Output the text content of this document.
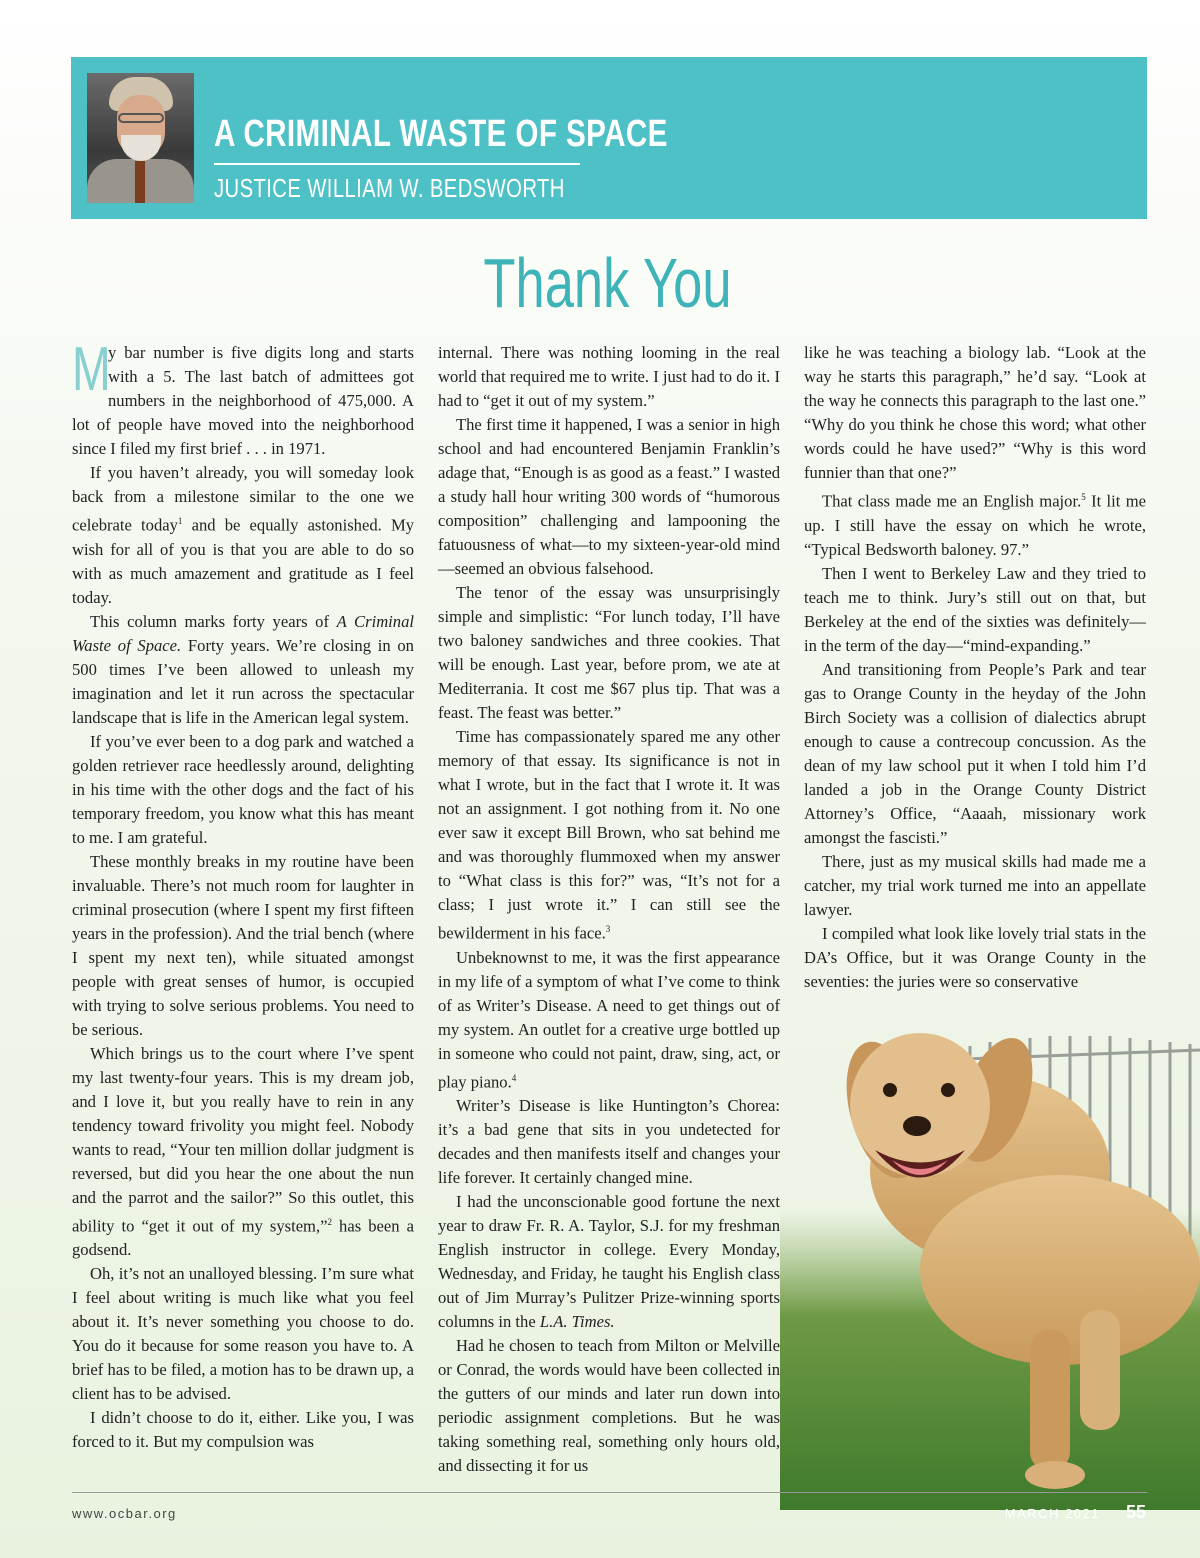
A CRIMINAL WASTE OF SPACE
JUSTICE WILLIAM W. BEDSWORTH
Thank You

M
y bar number is five digits long and starts with a 5. The last batch of admittees got numbers in the neighborhood of 475,000. A lot of people have moved into the neighborhood since I filed my first brief . . . in 1971.

If you haven’t already, you will someday look back from a milestone similar to the one we celebrate today$^1$ and be equally astonished. My wish for all of you is that you are able to do so with as much amazement and gratitude as I feel today.

This column marks forty years of A Criminal Waste of Space. Forty years. We’re closing in on 500 times I’ve been allowed to unleash my imagination and let it run across the spectacular landscape that is life in the American legal system.

If you’ve ever been to a dog park and watched a golden retriever race heedlessly around, delighting in his time with the other dogs and the fact of his temporary freedom, you know what this has meant to me. I am grateful.

These monthly breaks in my routine have been invaluable. There’s not much room for laughter in criminal prosecution (where I spent my first fifteen years in the profession). And the trial bench (where I spent my next ten), while situated amongst people with great senses of humor, is occupied with trying to solve serious problems. You need to be serious.

Which brings us to the court where I’ve spent my last twenty-four years. This is my dream job, and I love it, but you really have to rein in any tendency toward frivolity you might feel. Nobody wants to read, “Your ten million dollar judgment is reversed, but did you hear the one about the nun and the parrot and the sailor?” So this outlet, this ability to “get it out of my system,”$^2$ has been a godsend.

Oh, it’s not an unalloyed blessing. I’m sure what I feel about writing is much like what you feel about it. It’s never something you choose to do. You do it because for some reason you have to. A brief has to be filed, a motion has to be drawn up, a client has to be advised.

I didn’t choose to do it, either. Like you, I was forced to it. But my compulsion was

internal. There was nothing looming in the real world that required me to write. I just had to do it. I had to “get it out of my system.”

The first time it happened, I was a senior in high school and had encountered Benjamin Franklin’s adage that, “Enough is as good as a feast.” I wasted a study hall hour writing 300 words of “humorous composition” challenging and lampooning the fatuousness of what—to my sixteen-year-old mind—seemed an obvious falsehood.

The tenor of the essay was unsurprisingly simple and simplistic: “For lunch today, I’ll have two baloney sandwiches and three cookies. That will be enough. Last year, before prom, we ate at Mediterrania. It cost me $67 plus tip. That was a feast. The feast was better.”

Time has compassionately spared me any other memory of that essay. Its significance is not in what I wrote, but in the fact that I wrote it. It was not an assignment. I got nothing from it. No one ever saw it except Bill Brown, who sat behind me and was thoroughly flummoxed when my answer to “What class is this for?” was, “It’s not for a class; I just wrote it.” I can still see the bewilderment in his face.$^3$

Unbeknownst to me, it was the first appearance in my life of a symptom of what I’ve come to think of as Writer’s Disease. A need to get things out of my system. An outlet for a creative urge bottled up in someone who could not paint, draw, sing, act, or play piano.$^4$

Writer’s Disease is like Huntington’s Chorea: it’s a bad gene that sits in you undetected for decades and then manifests itself and changes your life forever. It certainly changed mine.

I had the unconscionable good fortune the next year to draw Fr. R. A. Taylor, S.J. for my freshman English instructor in college. Every Monday, Wednesday, and Friday, he taught his English class out of Jim Murray’s Pulitzer Prize-winning sports columns in the L.A. Times.

Had he chosen to teach from Milton or Melville or Conrad, the words would have been collected in the gutters of our minds and later run down into periodic assignment completions. But he was taking something real, something only hours old, and dissecting it for us

like he was teaching a biology lab. “Look at the way he starts this paragraph,” he’d say. “Look at the way he connects this paragraph to the last one.” “Why do you think he chose this word; what other words could he have used?” “Why is this word funnier than that one?”

That class made me an English major.$^5$ It lit me up. I still have the essay on which he wrote, “Typical Bedsworth baloney. 97.”

Then I went to Berkeley Law and they tried to teach me to think. Jury’s still out on that, but Berkeley at the end of the sixties was definitely—in the term of the day—“mind-expanding.”

And transitioning from People’s Park and tear gas to Orange County in the heyday of the John Birch Society was a collision of dialectics abrupt enough to cause a contrecoup concussion. As the dean of my law school put it when I told him I’d landed a job in the Orange County District Attorney’s Office, “Aaaah, missionary work amongst the fascisti.”

There, just as my musical skills had made me a catcher, my trial work turned me into an appellate lawyer.

I compiled what look like lovely trial stats in the DA’s Office, but it was Orange County in the seventies: the juries were so conservative

www.ocbar.org	MARCH 2021 55
